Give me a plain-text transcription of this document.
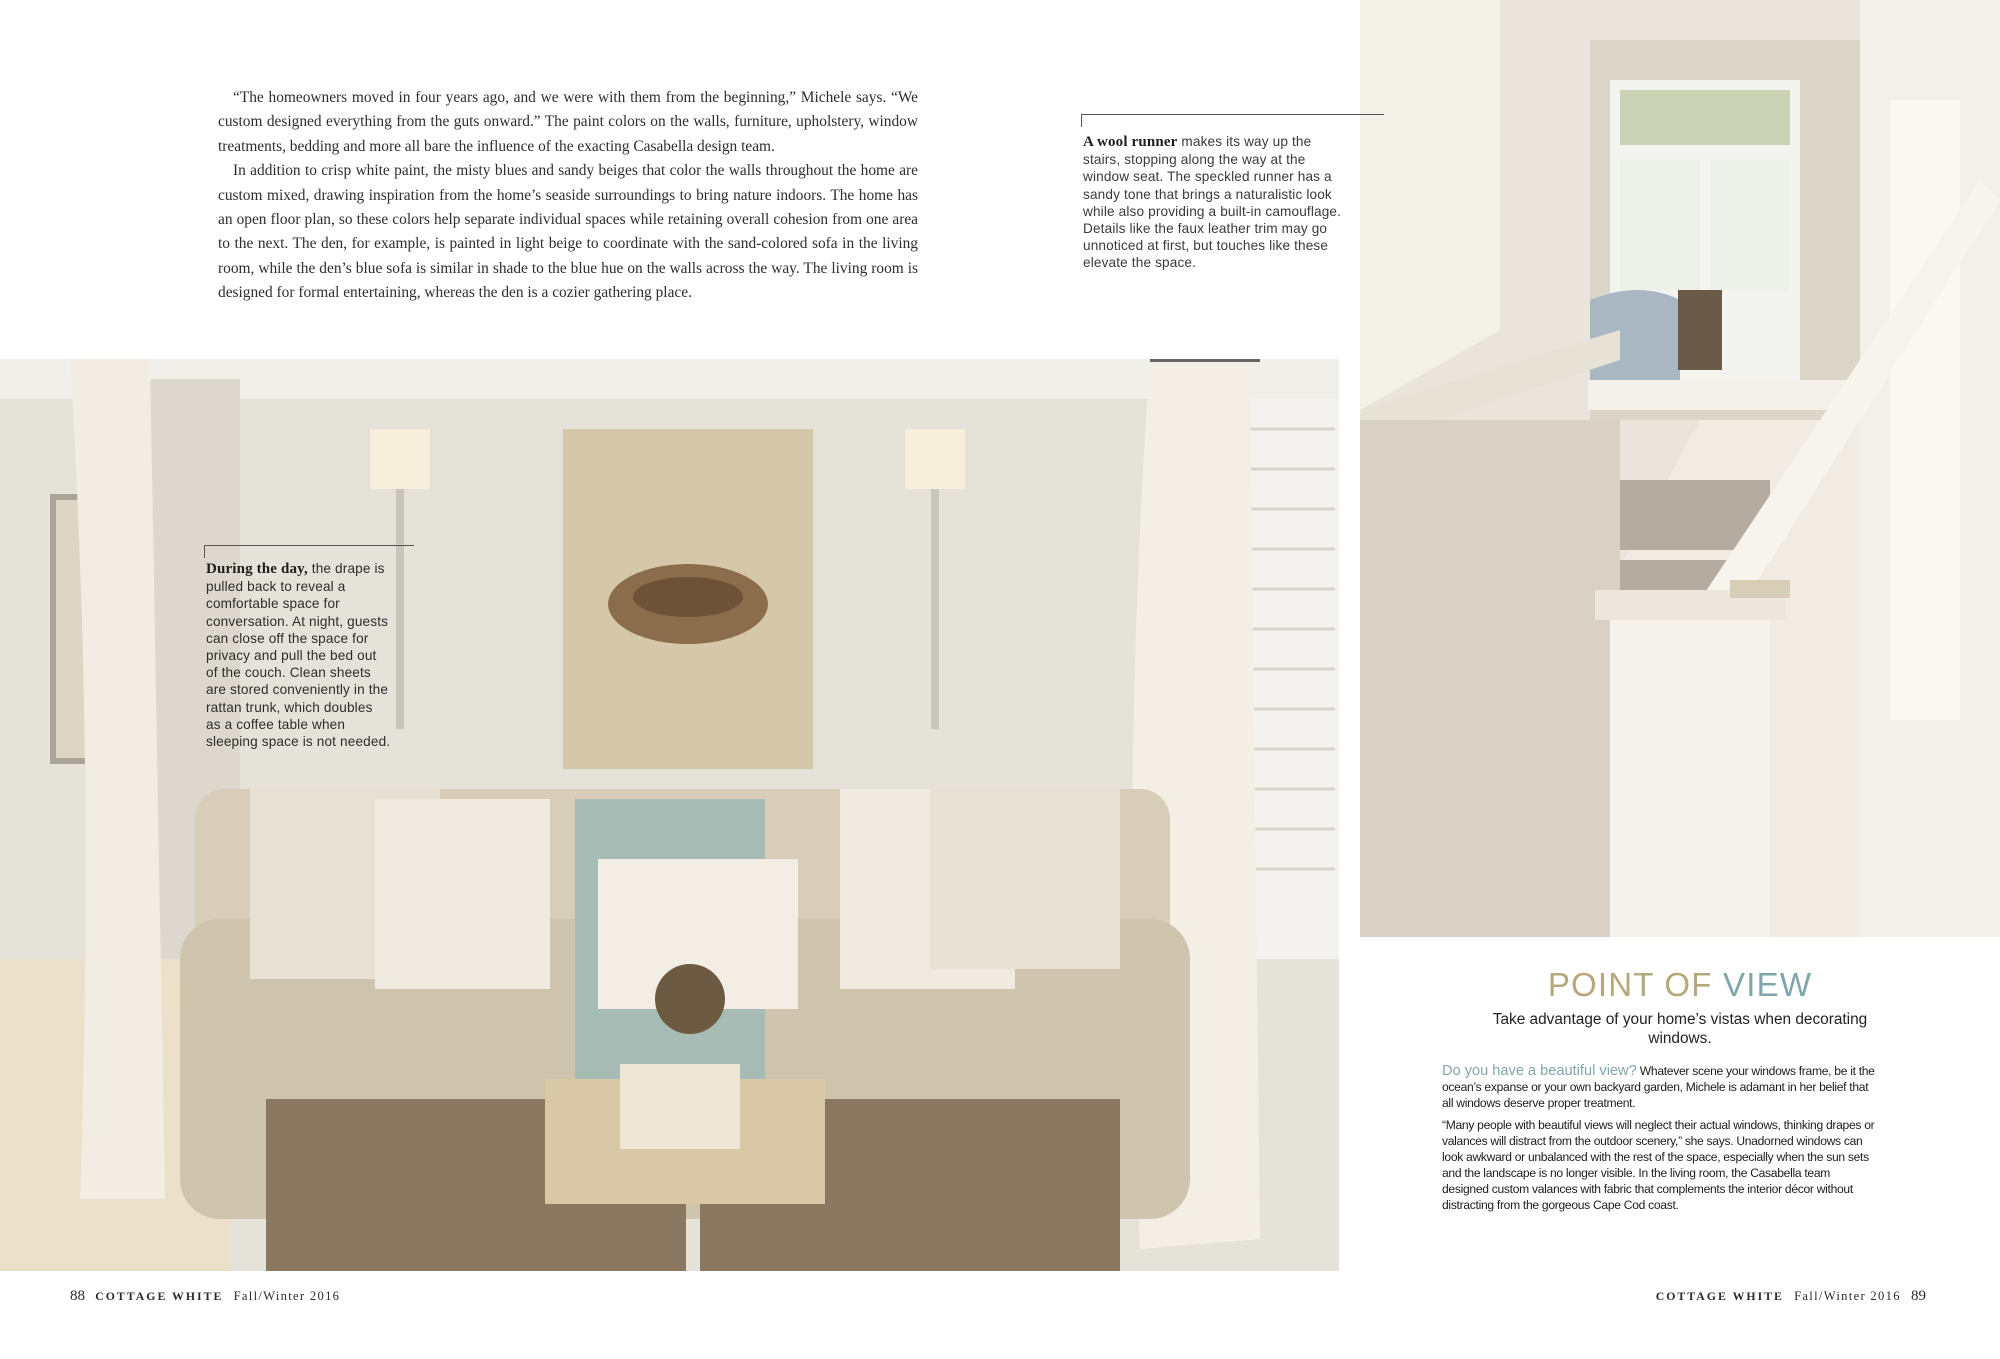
“The homeowners moved in four years ago, and we were with them from the beginning,” Michele says. “We custom designed everything from the guts onward.” The paint colors on the walls, furniture, upholstery, window treatments, bedding and more all bare the influence of the exacting Casabella design team.

In addition to crisp white paint, the misty blues and sandy beiges that color the walls throughout the home are custom mixed, drawing inspiration from the home’s seaside surroundings to bring nature indoors. The home has an open floor plan, so these colors help separate individual spaces while retaining overall cohesion from one area to the next. The den, for example, is painted in light beige to coordinate with the sand-colored sofa in the living room, while the den’s blue sofa is similar in shade to the blue hue on the walls across the way. The living room is designed for formal entertaining, whereas the den is a cozier gathering place.

A wool runner makes its way up the stairs, stopping along the way at the window seat. The speckled runner has a sandy tone that brings a naturalistic look while also providing a built-in camouflage. Details like the faux leather trim may go unnoticed at first, but touches like these elevate the space.
During the day, the drape is pulled back to reveal a comfortable space for conversation. At night, guests can close off the space for privacy and pull the bed out of the couch. Clean sheets are stored conveniently in the rattan trunk, which doubles as a coffee table when sleeping space is not needed.
POINT OF VIEW
Take advantage of your home’s vistas when decorating windows.

Do you have a beautiful view? Whatever scene your windows frame, be it the ocean’s expanse or your own backyard garden, Michele is adamant in her belief that all windows deserve proper treatment.

“Many people with beautiful views will neglect their actual windows, thinking drapes or valances will distract from the outdoor scenery,” she says. Unadorned windows can look awkward or unbalanced with the rest of the space, especially when the sun sets and the landscape is no longer visible. In the living room, the Casabella team designed custom valances with fabric that complements the interior décor without distracting from the gorgeous Cape Cod coast.

88 COTTAGE WHITE Fall/Winter 2016	COTTAGE WHITE Fall/Winter 2016 89
